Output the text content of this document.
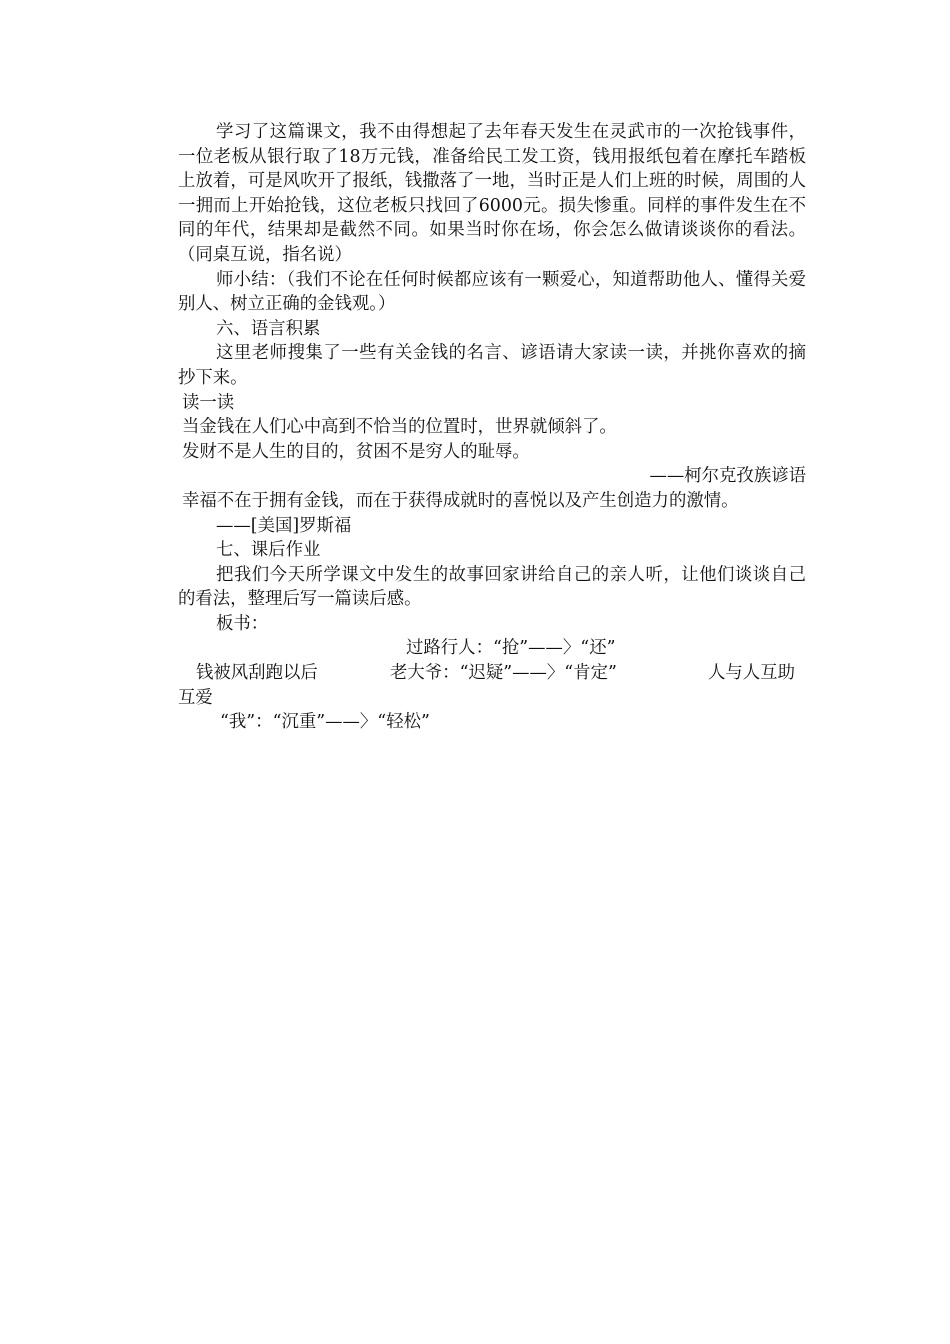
学习了这篇课文，我不由得想起了去年春天发生在灵武市的一次抢钱事件，一位老板从银行取了18万元钱，准备给民工发工资，钱用报纸包着在摩托车踏板上放着，可是风吹开了报纸，钱撒落了一地，当时正是人们上班的时候，周围的人一拥而上开始抢钱，这位老板只找回了6000元。损失惨重。同样的事件发生在不同的年代，结果却是截然不同。如果当时你在场，你会怎么做请谈谈你的看法。（同桌互说，指名说）

师小结：（我们不论在任何时候都应该有一颗爱心，知道帮助他人、懂得关爱别人、树立正确的金钱观。）

六、语言积累

这里老师搜集了一些有关金钱的名言、谚语请大家读一读，并挑你喜欢的摘抄下来。

读一读

当金钱在人们心中高到不恰当的位置时，世界就倾斜了。

发财不是人生的目的，贫困不是穷人的耻辱。

——柯尔克孜族谚语

幸福不在于拥有金钱，而在于获得成就时的喜悦以及产生创造力的激情。

——[美国]罗斯福

七、课后作业

把我们今天所学课文中发生的故事回家讲给自己的亲人听，让他们谈谈自己的看法，整理后写一篇读后感。

板书：

过路行人：“抢”——〉“还”
钱被风刮跑以后	老大爷：“迟疑”——〉“肯定”	人与人互助
互爱
“我”：“沉重”——〉“轻松”
